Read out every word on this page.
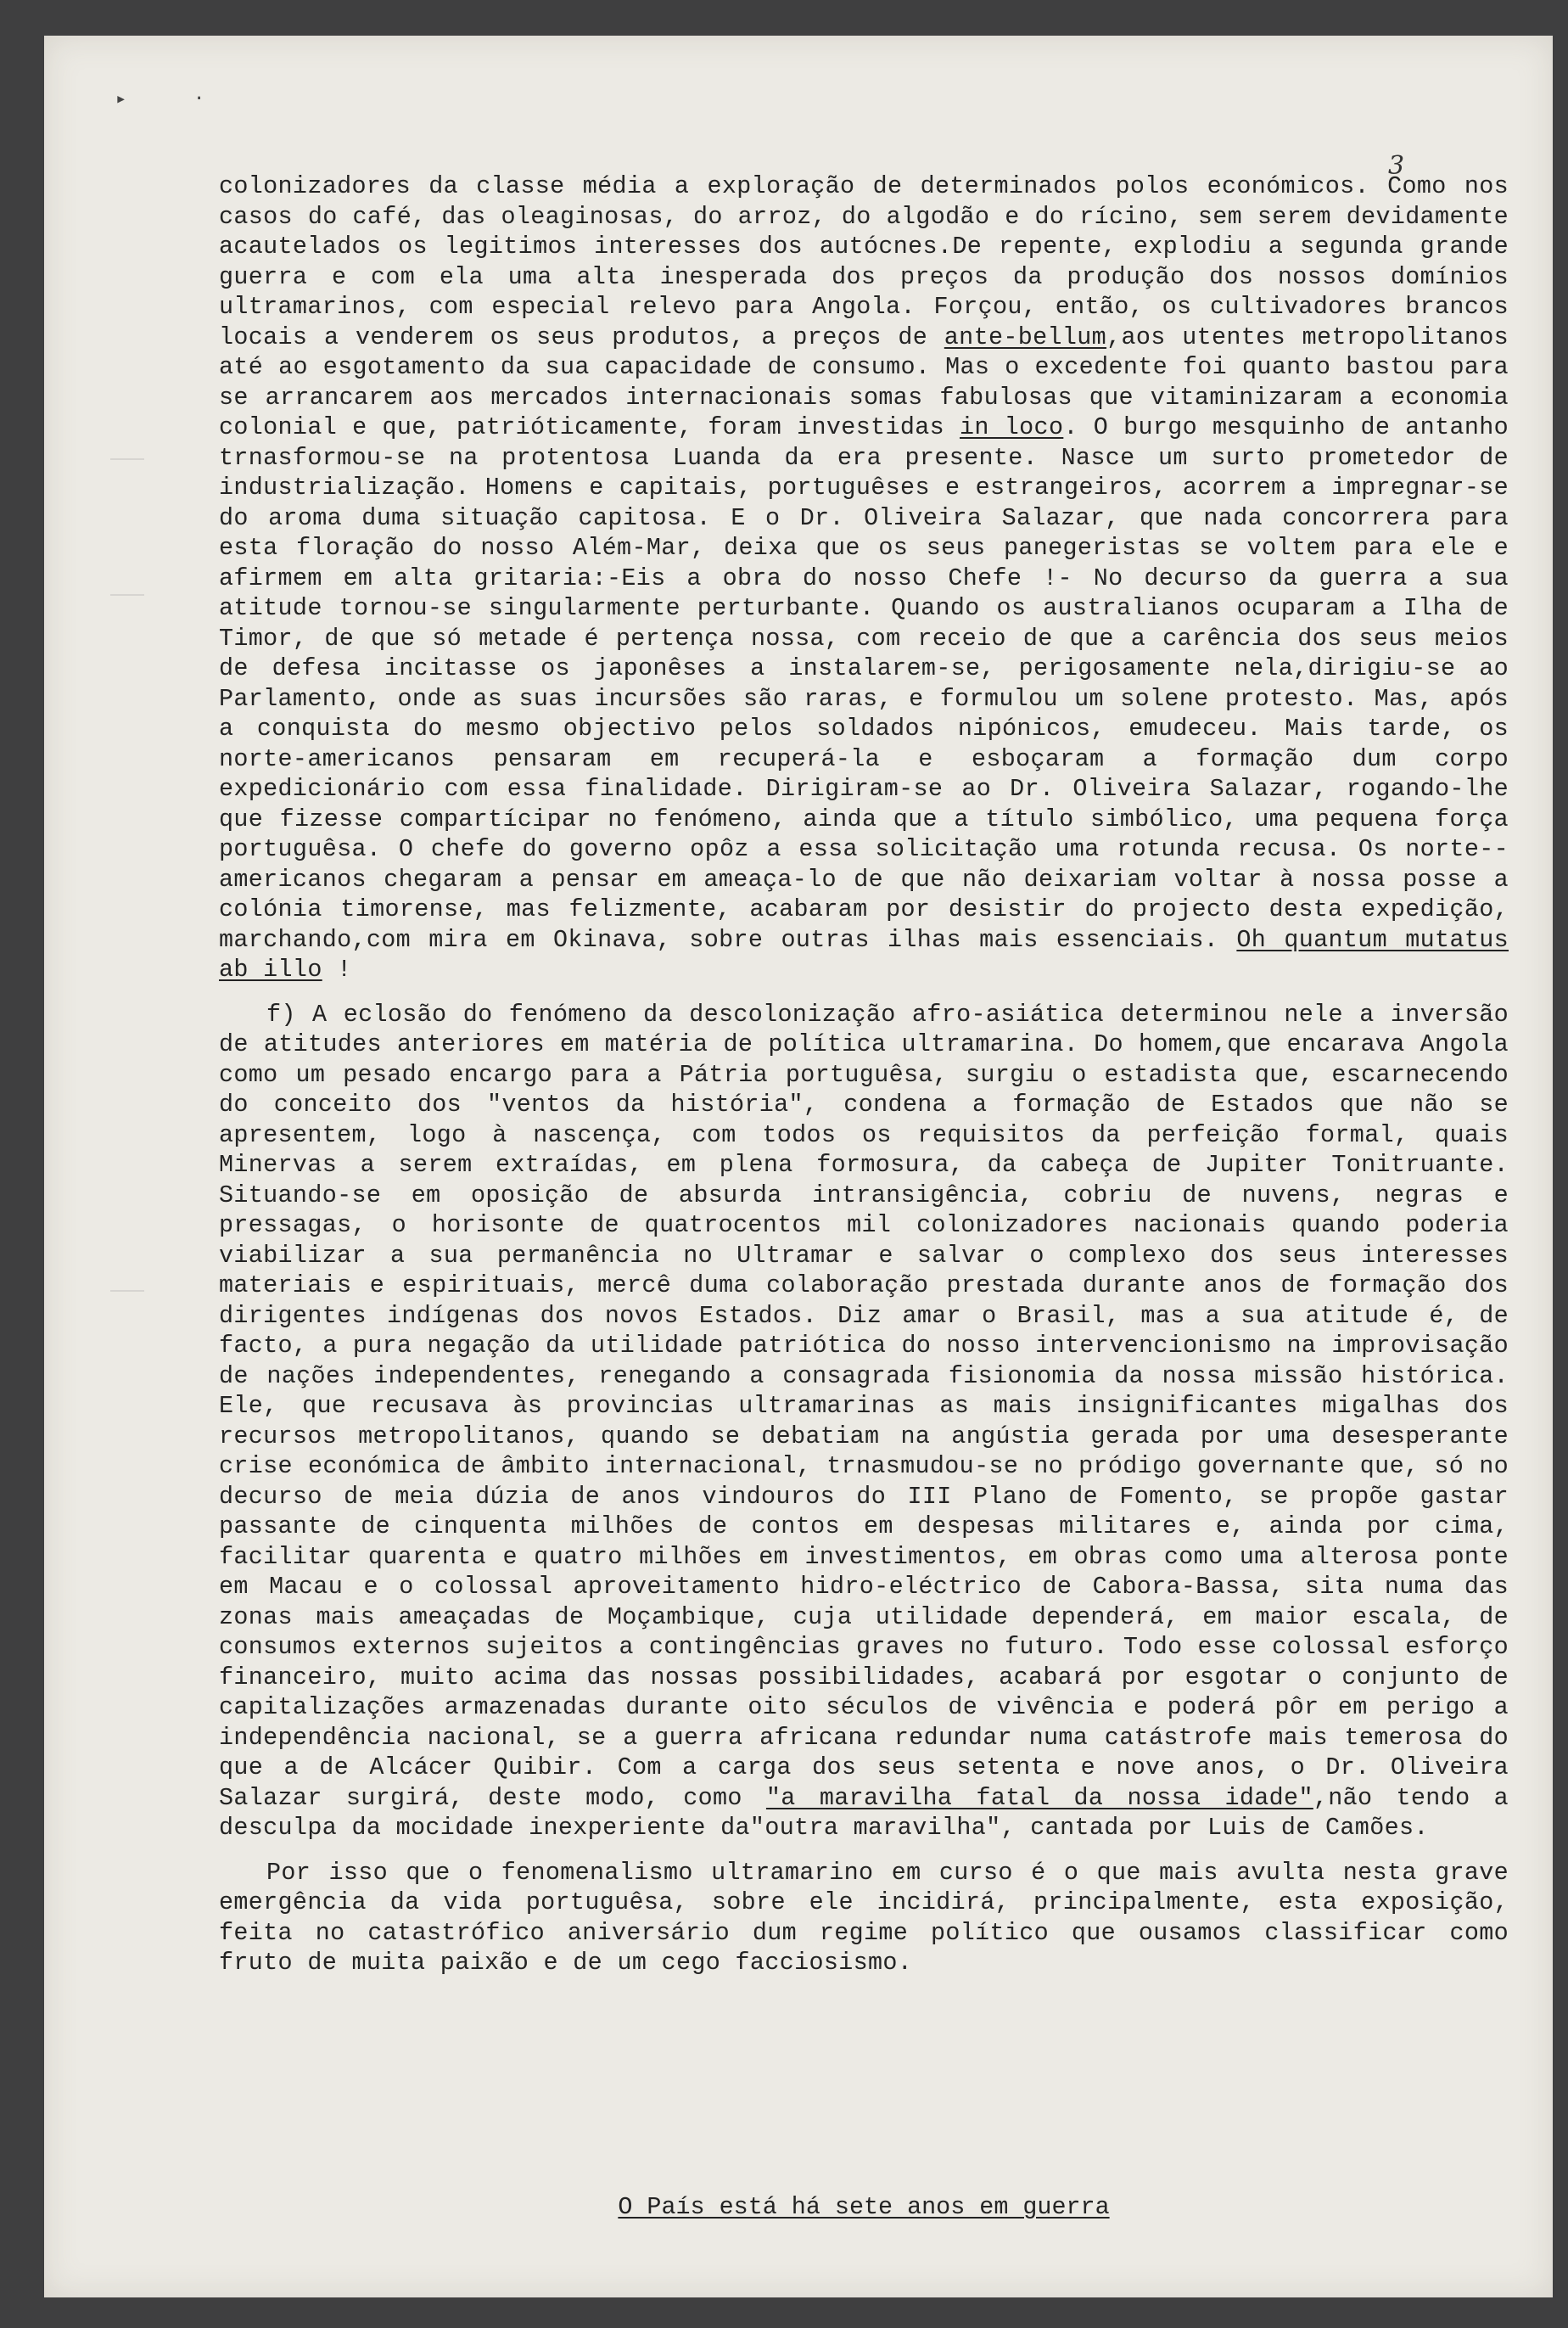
▸	·
3

colonizadores da classe média a exploração de determinados polos económicos. Como nos casos do café, das oleaginosas, do arroz, do algodão e do rícino, sem serem devidamente acautelados os legitimos interesses dos autócnes.De repente, explodiu a segunda grande guerra e com ela uma alta inesperada dos preços da produção dos nossos domínios ultramarinos, com especial relevo para Angola. Forçou, então, os cultivadores brancos locais a venderem os seus produtos, a preços de ante-bellum,aos utentes metropolitanos até ao esgotamento da sua capacidade de consumo. Mas o excedente foi quanto bastou para se arrancarem aos mercados internacionais somas fabulosas que vitaminizaram a economia colonial e que, patrióticamente, foram investidas in loco. O burgo mesquinho de antanho trnasformou-se na protentosa Luanda da era presente. Nasce um surto prometedor de industrialização. Homens e capitais, portuguêses e estrangeiros, acorrem a impregnar-se do aroma duma situação capitosa. E o Dr. Oliveira Salazar, que nada concorrera para esta floração do nosso Além-Mar, deixa que os seus panegeristas se voltem para ele e afirmem em alta gritaria:-Eis a obra do nosso Chefe !- No decurso da guerra a sua atitude tornou-se singularmente perturbante. Quando os australianos ocuparam a Ilha de Timor, de que só metade é pertença nossa, com receio de que a carência dos seus meios de defesa incitasse os japonêses a instalarem-se, perigosamente nela,dirigiu-se ao Parlamento, onde as suas incursões são raras, e formulou um solene protesto. Mas, após a conquista do mesmo objectivo pelos soldados nipónicos, emudeceu. Mais tarde, os norte-americanos pensaram em recuperá-la e esboçaram a formação dum corpo expedicionário com essa finalidade. Dirigiram-se ao Dr. Oliveira Salazar, rogando-lhe que fizesse compartícipar no fenómeno, ainda que a título simbólico, uma pequena força portuguêsa. O chefe do governo opôz a essa solicitação uma rotunda recusa. Os norte--americanos chegaram a pensar em ameaça-lo de que não deixariam voltar à nossa posse a colónia timorense, mas felizmente, acabaram por desistir do projecto desta expedição, marchando,com mira em Okinava, sobre outras ilhas mais essenciais. Oh quantum mutatus ab illo !

f) A eclosão do fenómeno da descolonização afro-asiática determinou nele a inversão de atitudes anteriores em matéria de política ultramarina. Do homem,que encarava Angola como um pesado encargo para a Pátria portuguêsa, surgiu o estadista que, escarnecendo do conceito dos "ventos da história", condena a formação de Estados que não se apresentem, logo à nascença, com todos os requisitos da perfeição formal, quais Minervas a serem extraídas, em plena formosura, da cabeça de Jupiter Tonitruante. Situando-se em oposição de absurda intransigência, cobriu de nuvens, negras e pressagas, o horisonte de quatrocentos mil colonizadores nacionais quando poderia viabilizar a sua permanência no Ultramar e salvar o complexo dos seus interesses materiais e espirituais, mercê duma colaboração prestada durante anos de formação dos dirigentes indígenas dos novos Estados. Diz amar o Brasil, mas a sua atitude é, de facto, a pura negação da utilidade patriótica do nosso intervencionismo na improvisação de nações independentes, renegando a consagrada fisionomia da nossa missão histórica. Ele, que recusava às provincias ultramarinas as mais insignificantes migalhas dos recursos metropolitanos, quando se debatiam na angústia gerada por uma desesperante crise económica de âmbito internacional, trnasmudou-se no pródigo governante que, só no decurso de meia dúzia de anos vindouros do III Plano de Fomento, se propõe gastar passante de cinquenta milhões de contos em despesas militares e, ainda por cima, facilitar quarenta e quatro milhões em investimentos, em obras como uma alterosa ponte em Macau e o colossal aproveitamento hidro-eléctrico de Cabora-Bassa, sita numa das zonas mais ameaçadas de Moçambique, cuja utilidade dependerá, em maior escala, de consumos externos sujeitos a contingências graves no futuro. Todo esse colossal esforço financeiro, muito acima das nossas possibilidades, acabará por esgotar o conjunto de capitalizações armazenadas durante oito séculos de vivência e poderá pôr em perigo a independência nacional, se a guerra africana redundar numa catástrofe mais temerosa do que a de Alcácer Quibir. Com a carga dos seus setenta e nove anos, o Dr. Oliveira Salazar surgirá, deste modo, como "a maravilha fatal da nossa idade",não tendo a desculpa da mocidade inexperiente da"outra maravilha", cantada por Luis de Camões.

Por isso que o fenomenalismo ultramarino em curso é o que mais avulta nesta grave emergência da vida portuguêsa, sobre ele incidirá, principalmente, esta exposição, feita no catastrófico aniversário dum regime político que ousamos classificar como fruto de muita paixão e de um cego facciosismo.

O País está há sete anos em guerra
